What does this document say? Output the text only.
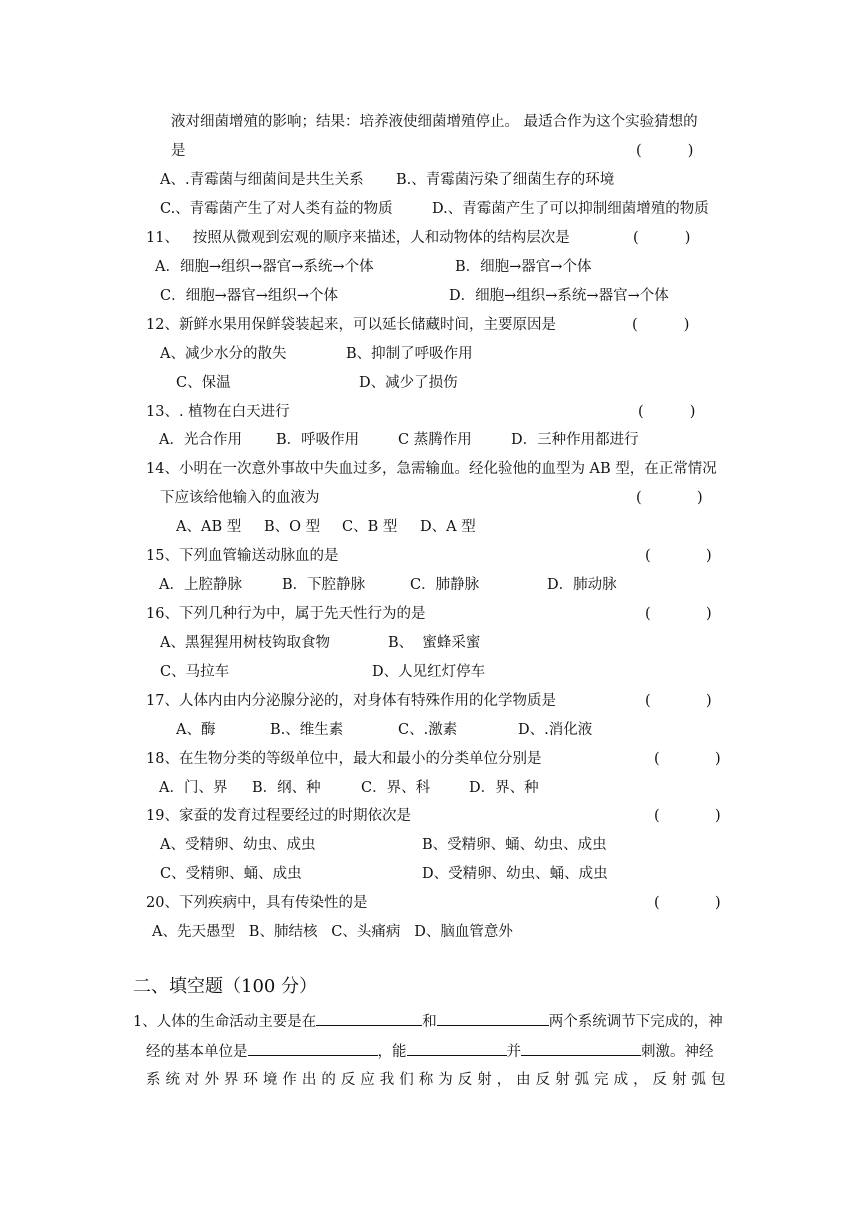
液对细菌增殖的影响；结果：培养液使细菌增殖停止。 最适合作为这个实验猜想的
是	(          )
A、.青霉菌与细菌间是共生关系 B.、青霉菌污染了细菌生存的环境
C.、青霉菌产生了对人类有益的物质	D.、青霉菌产生了可以抑制细菌增殖的物质
11、   按照从微观到宏观的顺序来描述，人和动物体的结构层次是	(          )
A．细胞→组织→器官→系统→个体	B．细胞→器官→个体
C．细胞→器官→组织→个体	D．细胞→组织→系统→器官→个体
12、新鲜水果用保鲜袋装起来，可以延长储藏时间，主要原因是	(          )
A、减少水分的散失	B、抑制了呼吸作用
C、保温	D、减少了损伤
13、. 植物在白天进行	(          )
A．光合作用 B．呼吸作用	C 蒸腾作用	D．三种作用都进行
14、小明在一次意外事故中失血过多，急需输血。经化验他的血型为 AB 型，在正常情况
下应该给他输入的血液为	(            )
A、AB 型 B、O 型 C、B 型 D、A 型
15、下列血管输送动脉血的是	(            )
A．上腔静脉	B．下腔静脉	C．肺静脉	D．肺动脉
16、下列几种行为中，属于先天性行为的是	(            )
A、黑猩猩用树枝钩取食物	B、  蜜蜂采蜜
C、马拉车	D、人见红灯停车
17、人体内由内分泌腺分泌的，对身体有特殊作用的化学物质是	(            )
A、酶	B.、维生素	C、.激素	D、.消化液
18、在生物分类的等级单位中，最大和最小的分类单位分别是	(            )
A．门、界 B．纲、种	C．界、科	D．界、种
19、家蚕的发育过程要经过的时期依次是	(            )
A、受精卵、幼虫、成虫	B、受精卵、蛹、幼虫、成虫
C、受精卵、蛹、成虫	D、受精卵、幼虫、蛹、成虫
20、下列疾病中，具有传染性的是	(            )
A、先天愚型   B、肺结核   C、头痛病   D、脑血管意外
二、填空题（100 分）
1、人体的生命活动主要是在	和	两个系统调节下完成的，神
经的基本单位是	，能	并	刺激。神经
系统对外界环境作出的反应我们称为反射，由反射弧完成，反射弧包
